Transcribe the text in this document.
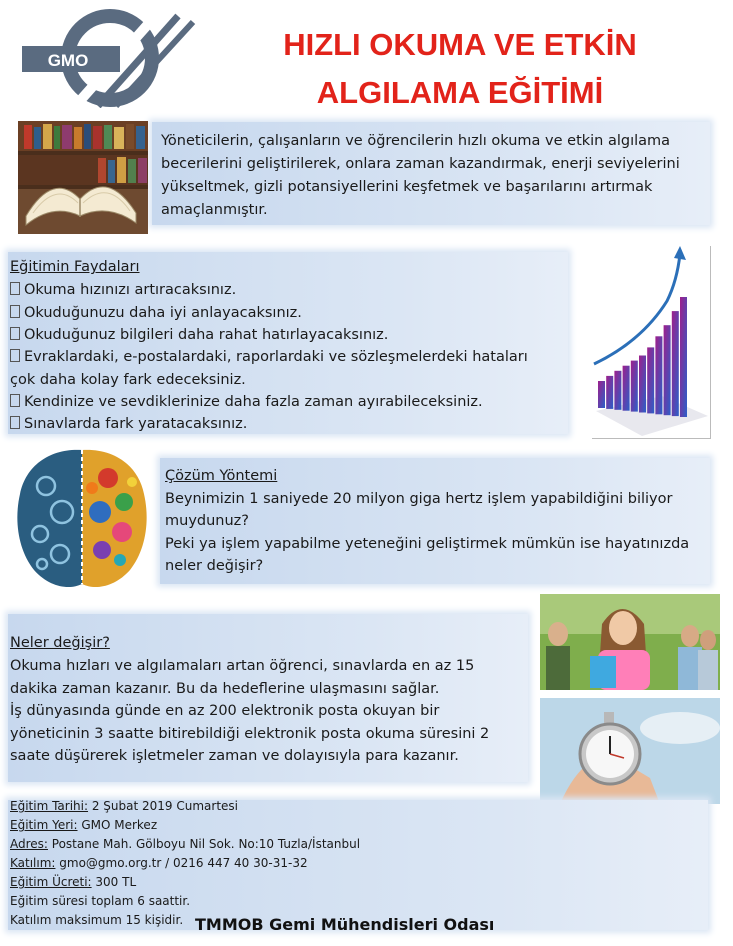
GMO	HIZLI OKUMA VE ETKİN
ALGILAMA EĞİTİMİ
Yöneticilerin, çalışanların ve öğrencilerin hızlı okuma ve etkin algılama
becerilerini geliştirilerek, onlara zaman kazandırmak, enerji seviyelerini
yükseltmek, gizli potansiyellerini keşfetmek ve başarılarını artırmak
amaçlanmıştır.
Eğitimin Faydaları
Okuma hızınızı artıracaksınız.
Okuduğunuzu daha iyi anlayacaksınız.
Okuduğunuz bilgileri daha rahat hatırlayacaksınız.
Evraklardaki, e-postalardaki, raporlardaki ve sözleşmelerdeki hataları
çok daha kolay fark edeceksiniz.
Kendinize ve sevdiklerinize daha fazla zaman ayırabileceksiniz.
Sınavlarda fark yaratacaksınız.
Çözüm Yöntemi
Beynimizin 1 saniyede 20 milyon giga hertz işlem yapabildiğini biliyor
muydunuz?
Peki ya işlem yapabilme yeteneğini geliştirmek mümkün ise hayatınızda
neler değişir?
Neler değişir?
Okuma hızları ve algılamaları artan öğrenci, sınavlarda en az 15
dakika zaman kazanır. Bu da hedeflerine ulaşmasını sağlar.
İş dünyasında günde en az 200 elektronik posta okuyan bir
yöneticinin 3 saatte bitirebildiği elektronik posta okuma süresini 2
saate düşürerek işletmeler zaman ve dolayısıyla para kazanır.
Eğitim Tarihi: 2 Şubat 2019 Cumartesi
Eğitim Yeri: GMO Merkez
Adres: Postane Mah. Gölboyu Nil Sok. No:10 Tuzla/İstanbul
Katılım: gmo@gmo.org.tr / 0216 447 40 30-31-32
Eğitim Ücreti: 300 TL
Eğitim süresi toplam 6 saattir.
Katılım maksimum 15 kişidir. TMMOB Gemi Mühendisleri Odası
